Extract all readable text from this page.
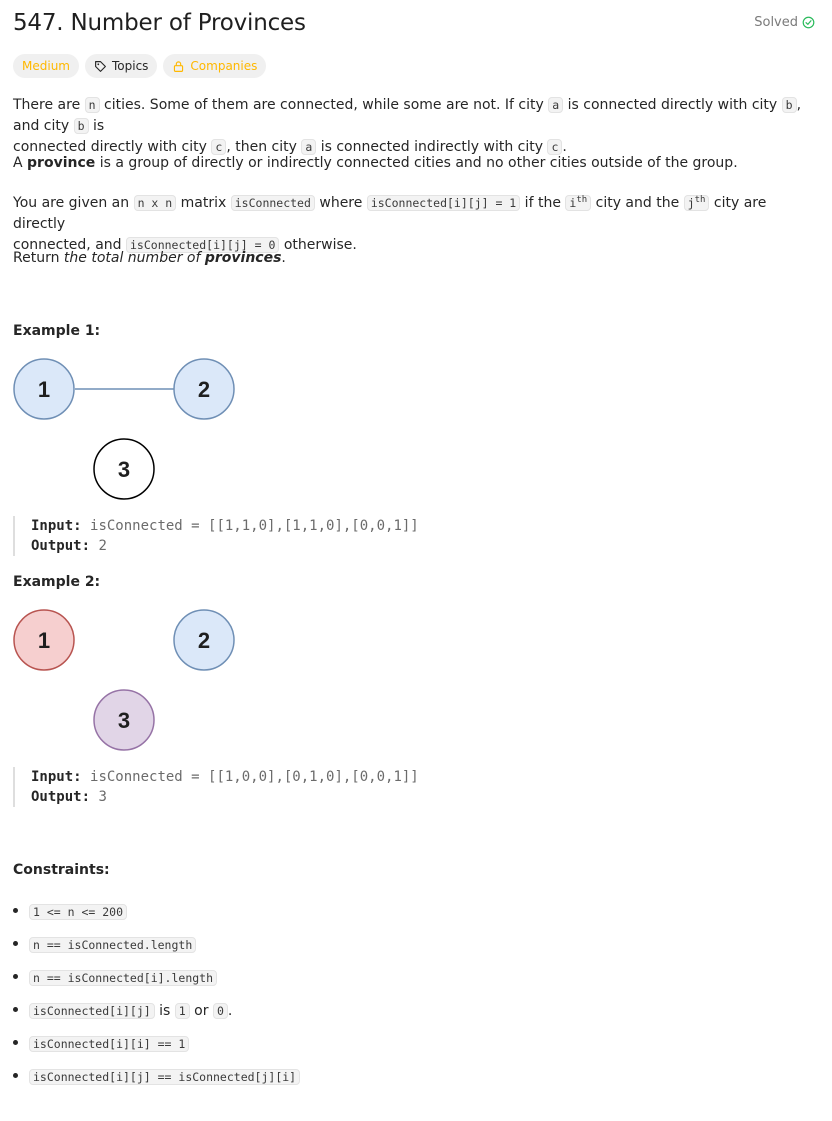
547. Number of Provinces	Solved
Medium	Topics	Companies

There are n cities. Some of them are connected, while some are not. If city a is connected directly with city b , and city b is
connected directly with city c , then city a is connected indirectly with city c .

A province is a group of directly or indirectly connected cities and no other cities outside of the group.

You are given an n x n matrix isConnected where isConnected[i][j] = 1 if the $i^{th}$ city and the $j^{th}$ city are directly
connected, and isConnected[i][j] = 0 otherwise.

Return the total number of provinces.

Example 1:
1	2
3
Input: isConnected = [[1,1,0],[1,1,0],[0,0,1]]
Output: 2
Example 2:
1	2
3
Input: isConnected = [[1,0,0],[0,1,0],[0,0,1]]
Output: 3
Constraints:
1 <= n <= 200
n == isConnected.length
n == isConnected[i].length
isConnected[i][j] is 1 or 0 .
isConnected[i][i] == 1
isConnected[i][j] == isConnected[j][i]
